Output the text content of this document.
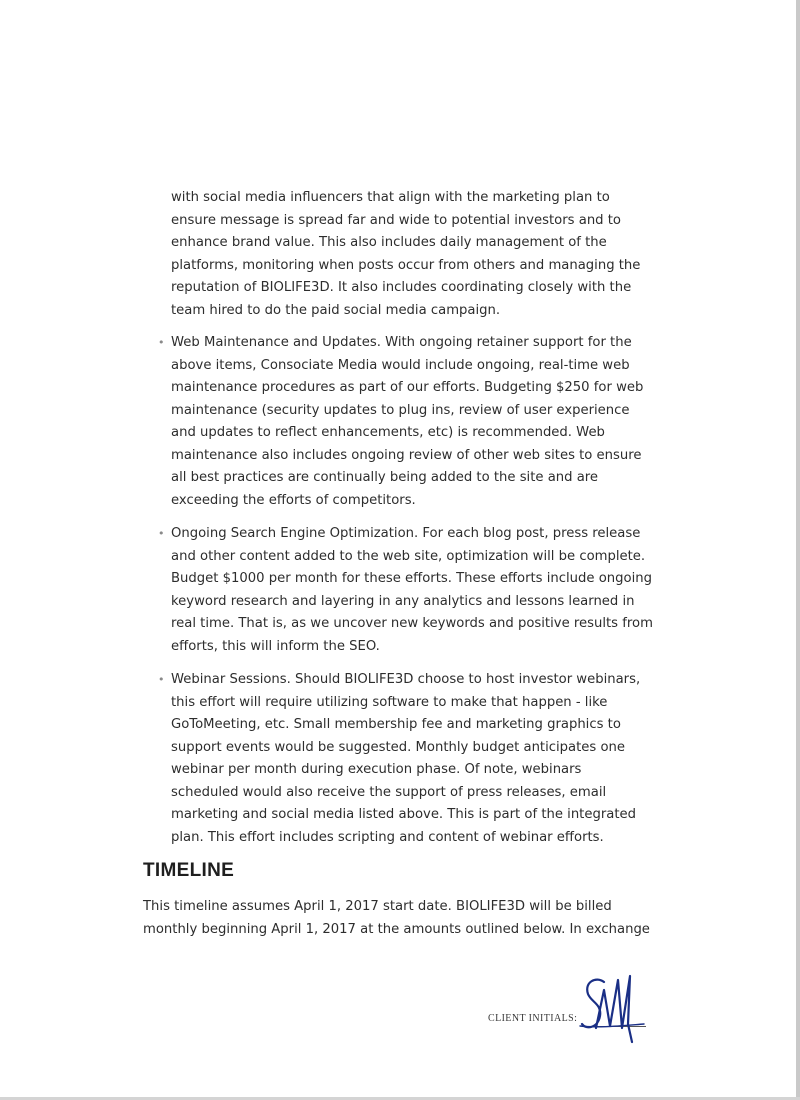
with social media influencers that align with the marketing plan to ensure message is spread far and wide to potential investors and to enhance brand value. This also includes daily management of the platforms, monitoring when posts occur from others and managing the reputation of BIOLIFE3D. It also includes coordinating closely with the team hired to do the paid social media campaign.

• Web Maintenance and Updates. With ongoing retainer support for the above items, Consociate Media would include ongoing, real-time web maintenance procedures as part of our efforts. Budgeting $250 for web maintenance (security updates to plug ins, review of user experience and updates to reflect enhancements, etc) is recommended. Web maintenance also includes ongoing review of other web sites to ensure all best practices are continually being added to the site and are exceeding the efforts of competitors.
• Ongoing Search Engine Optimization. For each blog post, press release and other content added to the web site, optimization will be complete. Budget $1000 per month for these efforts. These efforts include ongoing keyword research and layering in any analytics and lessons learned in real time. That is, as we uncover new keywords and positive results from efforts, this will inform the SEO.
• Webinar Sessions. Should BIOLIFE3D choose to host investor webinars, this effort will require utilizing software to make that happen - like GoToMeeting, etc. Small membership fee and marketing graphics to support events would be suggested. Monthly budget anticipates one webinar per month during execution phase. Of note, webinars scheduled would also receive the support of press releases, email marketing and social media listed above. This is part of the integrated plan. This effort includes scripting and content of webinar efforts.
TIMELINE

This timeline assumes April 1, 2017 start date. BIOLIFE3D will be billed monthly beginning April 1, 2017 at the amounts outlined below. In exchange

CLIENT INITIALS:
